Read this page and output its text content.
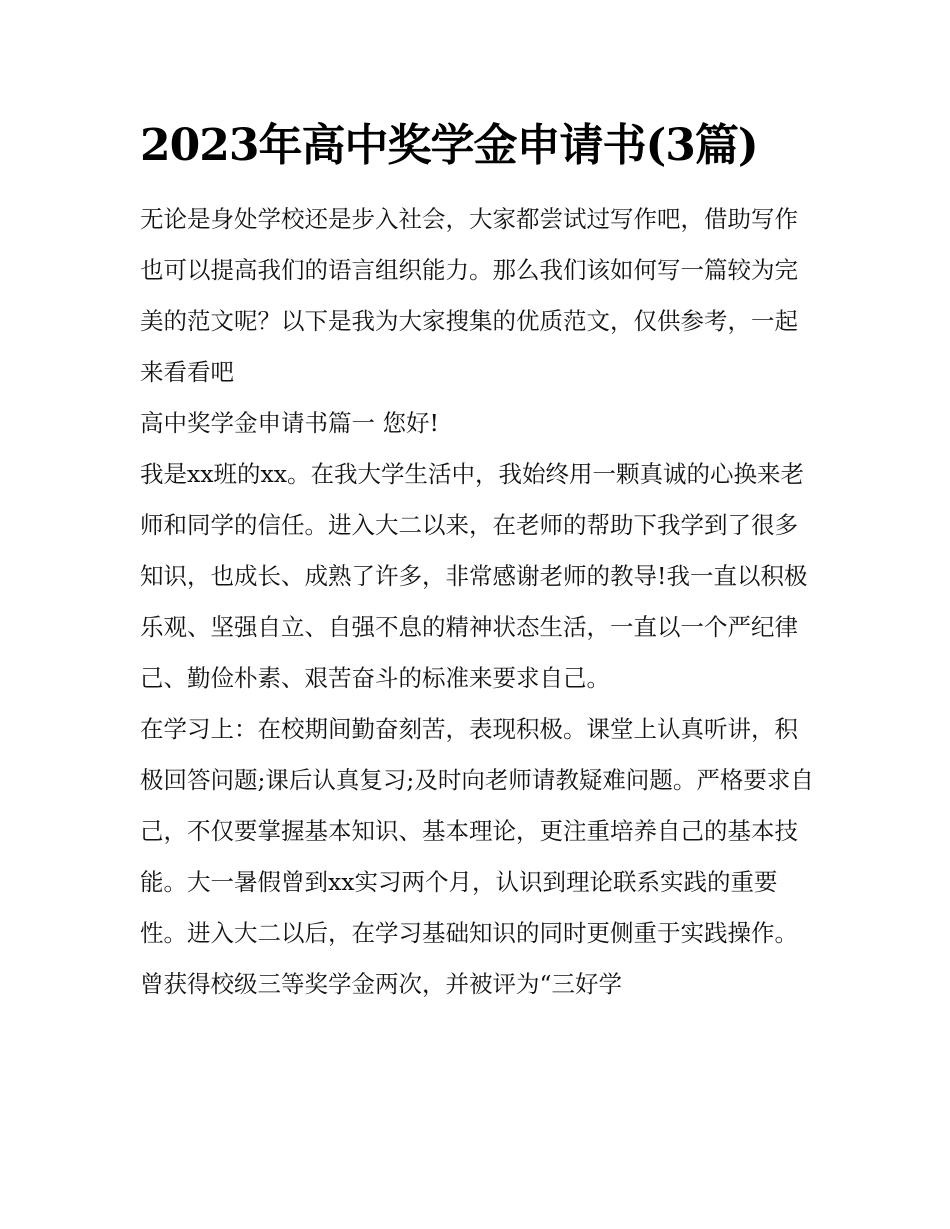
2023年高中奖学金申请书(3篇)

无论是身处学校还是步入社会，大家都尝试过写作吧，借助写作也可以提高我们的语言组织能力。那么我们该如何写一篇较为完美的范文呢？以下是我为大家搜集的优质范文，仅供参考，一起来看看吧

高中奖学金申请书篇一 您好!

我是xx班的xx。在我大学生活中，我始终用一颗真诚的心换来老师和同学的信任。进入大二以来，在老师的帮助下我学到了很多知识，也成长、成熟了许多，非常感谢老师的教导!我一直以积极乐观、坚强自立、自强不息的精神状态生活，一直以一个严纪律己、勤俭朴素、艰苦奋斗的标准来要求自己。

在学习上：在校期间勤奋刻苦，表现积极。课堂上认真听讲，积极回答问题;课后认真复习;及时向老师请教疑难问题。严格要求自己，不仅要掌握基本知识、基本理论，更注重培养自己的基本技能。大一暑假曾到xx实习两个月，认识到理论联系实践的重要性。进入大二以后，在学习基础知识的同时更侧重于实践操作。曾获得校级三等奖学金两次，并被评为“三好学
